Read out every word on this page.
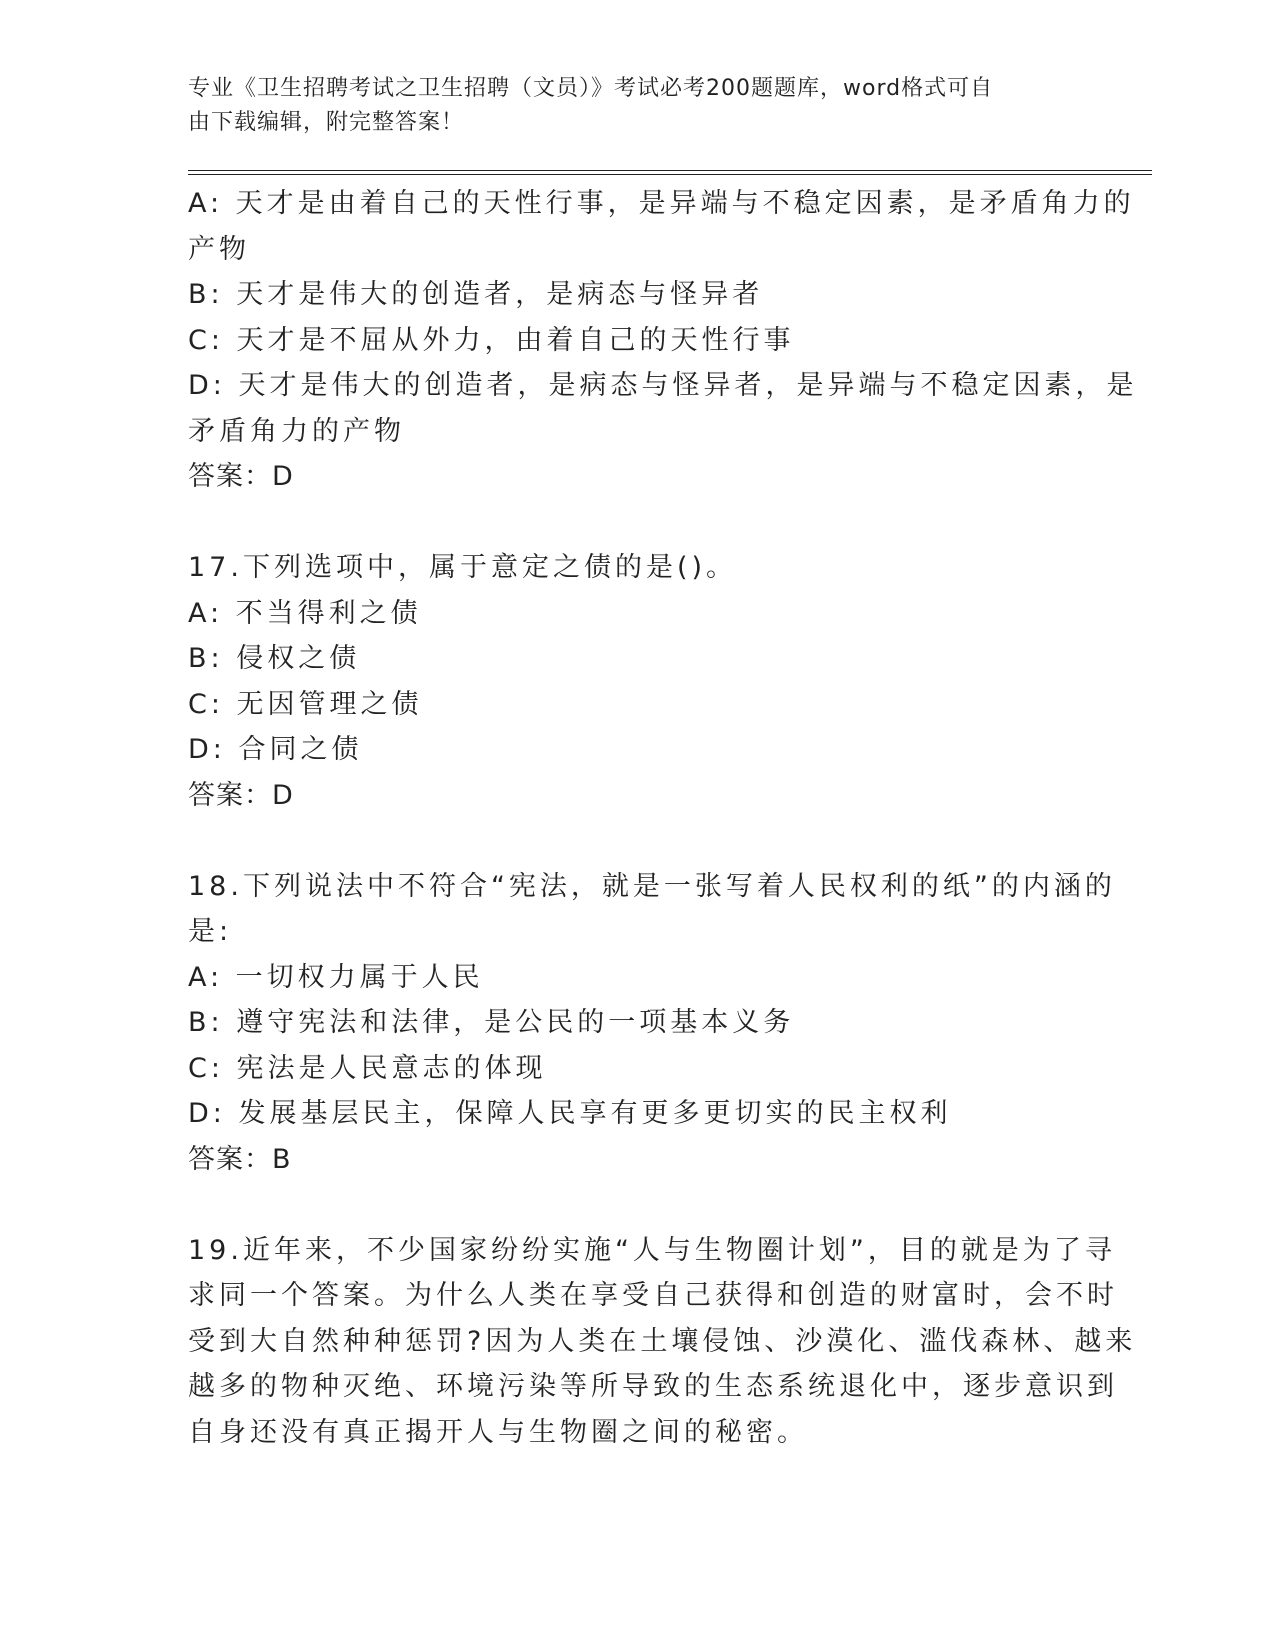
专业《卫生招聘考试之卫生招聘（文员）》考试必考200题题库，word格式可自
由下载编辑，附完整答案！
A: 天才是由着自己的天性行事，是异端与不稳定因素，是矛盾角力的
产物
B: 天才是伟大的创造者，是病态与怪异者
C: 天才是不屈从外力，由着自己的天性行事
D: 天才是伟大的创造者，是病态与怪异者，是异端与不稳定因素，是
矛盾角力的产物
答案：D
17.下列选项中，属于意定之债的是()。
A: 不当得利之债
B: 侵权之债
C: 无因管理之债
D: 合同之债
答案：D
18.下列说法中不符合“宪法，就是一张写着人民权利的纸”的内涵的
是:
A: 一切权力属于人民
B: 遵守宪法和法律，是公民的一项基本义务
C: 宪法是人民意志的体现
D: 发展基层民主，保障人民享有更多更切实的民主权利
答案：B
19.近年来，不少国家纷纷实施“人与生物圈计划”，目的就是为了寻
求同一个答案。为什么人类在享受自己获得和创造的财富时，会不时
受到大自然种种惩罚?因为人类在土壤侵蚀、沙漠化、滥伐森林、越来
越多的物种灭绝、环境污染等所导致的生态系统退化中，逐步意识到
自身还没有真正揭开人与生物圈之间的秘密。
